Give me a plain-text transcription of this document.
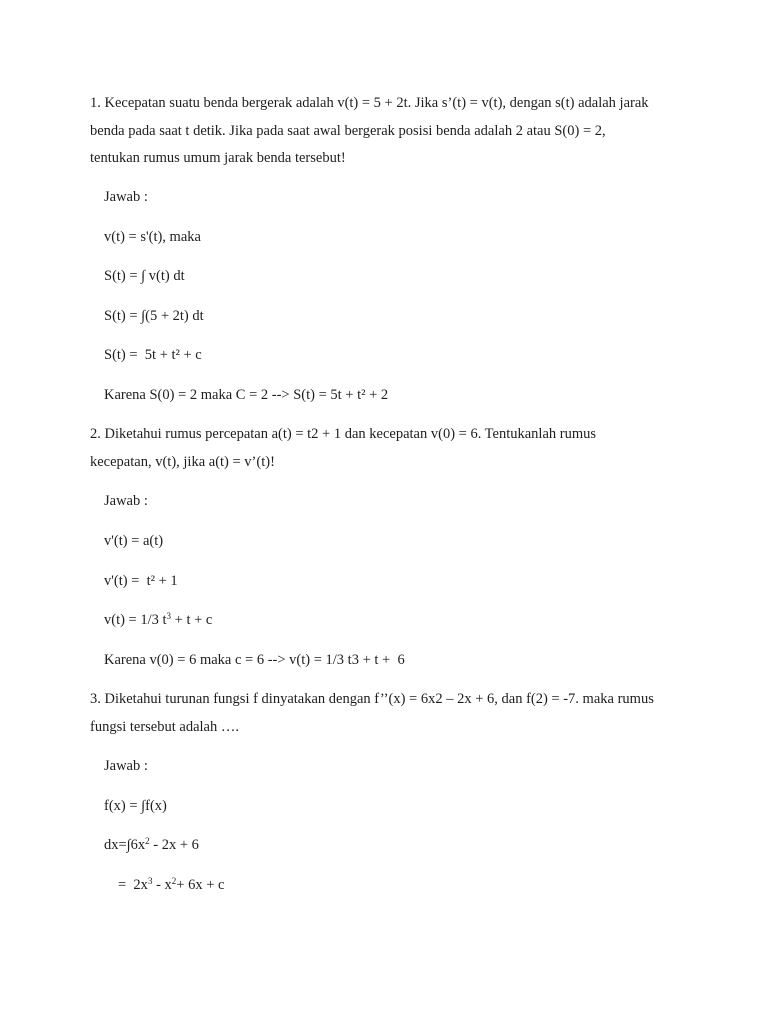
1. Kecepatan suatu benda bergerak adalah v(t) = 5 + 2t. Jika s’(t) = v(t), dengan s(t) adalah jarak
benda pada saat t detik. Jika pada saat awal bergerak posisi benda adalah 2 atau S(0) = 2,
tentukan rumus umum jarak benda tersebut!
Jawab :
v(t) = s'(t), maka
S(t) = ∫ v(t) dt
S(t) = ∫(5 + 2t) dt
S(t) =  5t + t² + c
Karena S(0) = 2 maka C = 2 --> S(t) = 5t + t² + 2
2. Diketahui rumus percepatan a(t) = t2 + 1 dan kecepatan v(0) = 6. Tentukanlah rumus
kecepatan, v(t), jika a(t) = v’(t)!
Jawab :
v'(t) = a(t)
v'(t) =  t² + 1
v(t) = 1/3 $t^3 + t + c$
Karena v(0) = 6 maka c = 6 --> v(t) = 1/3 t3 + t +  6
3. Diketahui turunan fungsi f dinyatakan dengan f’’(x) = 6x2 – 2x + 6, dan f(2) = -7. maka rumus
fungsi tersebut adalah ….
Jawab :
f(x) = ∫f(x)
$dx=\int 6x^2 - 2x + 6$
=  $2x^3 - x^2+ 6x + c$
